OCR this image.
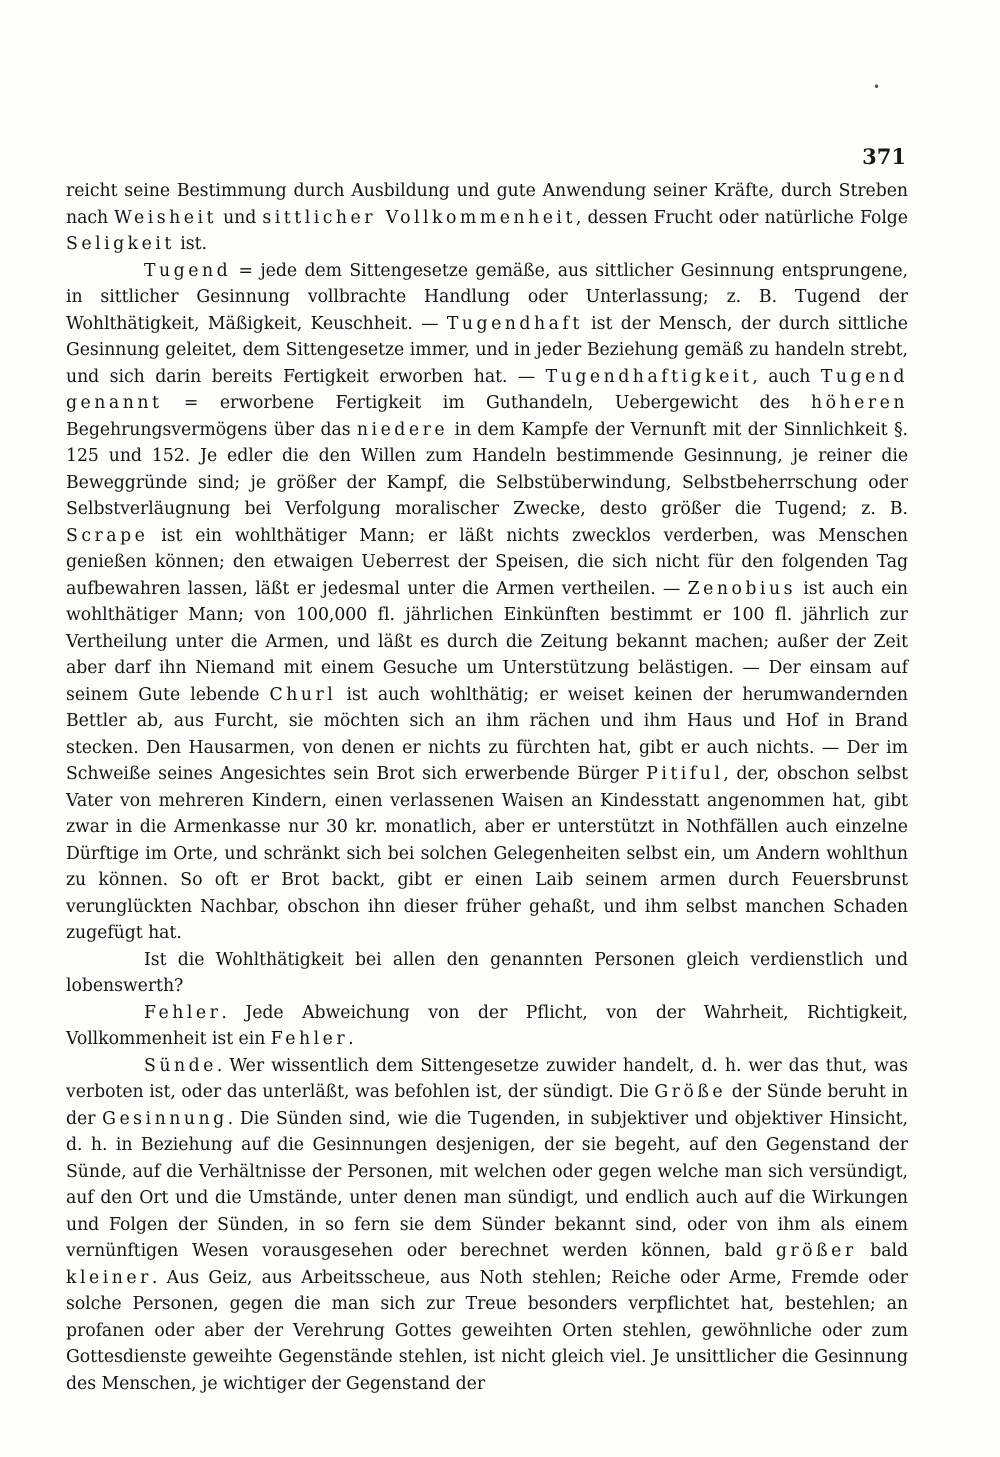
•
371

reicht seine Bestimmung durch Ausbildung und gute Anwendung seiner Kräfte, durch Streben nach Weisheit und sittlicher Vollkommenheit, dessen Frucht oder natürliche Folge Seligkeit ist.

Tugend = jede dem Sittengesetze gemäße, aus sittlicher Gesinnung entsprungene, in sittlicher Gesinnung vollbrachte Handlung oder Unterlassung; z. B. Tugend der Wohlthätigkeit, Mäßigkeit, Keuschheit. — Tugendhaft ist der Mensch, der durch sittliche Gesinnung geleitet, dem Sittengesetze immer, und in jeder Beziehung gemäß zu handeln strebt, und sich darin bereits Fertigkeit erworben hat. — Tugendhaftigkeit, auch Tugend genannt = erworbene Fertigkeit im Guthandeln, Uebergewicht des höheren Begehrungsvermögens über das niedere in dem Kampfe der Vernunft mit der Sinnlichkeit §. 125 und 152. Je edler die den Willen zum Handeln bestimmende Gesinnung, je reiner die Beweggründe sind; je größer der Kampf, die Selbstüberwindung, Selbstbeherrschung oder Selbstverläugnung bei Verfolgung moralischer Zwecke, desto größer die Tugend; z. B. Scrape ist ein wohlthätiger Mann; er läßt nichts zwecklos verderben, was Menschen genießen können; den etwaigen Ueberrest der Speisen, die sich nicht für den folgenden Tag aufbewahren lassen, läßt er jedesmal unter die Armen vertheilen. — Zenobius ist auch ein wohlthätiger Mann; von 100,000 fl. jährlichen Einkünften bestimmt er 100 fl. jährlich zur Vertheilung unter die Armen, und läßt es durch die Zeitung bekannt machen; außer der Zeit aber darf ihn Niemand mit einem Gesuche um Unterstützung belästigen. — Der einsam auf seinem Gute lebende Churl ist auch wohlthätig; er weiset keinen der herumwandernden Bettler ab, aus Furcht, sie möchten sich an ihm rächen und ihm Haus und Hof in Brand stecken. Den Hausarmen, von denen er nichts zu fürchten hat, gibt er auch nichts. — Der im Schweiße seines Angesichtes sein Brot sich erwerbende Bürger Pitiful, der, obschon selbst Vater von mehreren Kindern, einen verlassenen Waisen an Kindesstatt angenommen hat, gibt zwar in die Armenkasse nur 30 kr. monatlich, aber er unterstützt in Nothfällen auch einzelne Dürftige im Orte, und schränkt sich bei solchen Gelegenheiten selbst ein, um Andern wohlthun zu können. So oft er Brot backt, gibt er einen Laib seinem armen durch Feuersbrunst verunglückten Nachbar, obschon ihn dieser früher gehaßt, und ihm selbst manchen Schaden zugefügt hat.

Ist die Wohlthätigkeit bei allen den genannten Personen gleich verdienstlich und lobenswerth?

Fehler. Jede Abweichung von der Pflicht, von der Wahrheit, Richtigkeit, Vollkommenheit ist ein Fehler.

Sünde. Wer wissentlich dem Sittengesetze zuwider handelt, d. h. wer das thut, was verboten ist, oder das unterläßt, was befohlen ist, der sündigt. Die Größe der Sünde beruht in der Gesinnung. Die Sünden sind, wie die Tugenden, in subjektiver und objektiver Hinsicht, d. h. in Beziehung auf die Gesinnungen desjenigen, der sie begeht, auf den Gegenstand der Sünde, auf die Verhältnisse der Personen, mit welchen oder gegen welche man sich versündigt, auf den Ort und die Umstände, unter denen man sündigt, und endlich auch auf die Wirkungen und Folgen der Sünden, in so fern sie dem Sünder bekannt sind, oder von ihm als einem vernünftigen Wesen vorausgesehen oder berechnet werden können, bald größer bald kleiner. Aus Geiz, aus Arbeitsscheue, aus Noth stehlen; Reiche oder Arme, Fremde oder solche Personen, gegen die man sich zur Treue besonders verpflichtet hat, bestehlen; an profanen oder aber der Verehrung Gottes geweihten Orten stehlen, gewöhnliche oder zum Gottesdienste geweihte Gegenstände stehlen, ist nicht gleich viel. Je unsittlicher die Gesinnung des Menschen, je wichtiger der Gegenstand der
